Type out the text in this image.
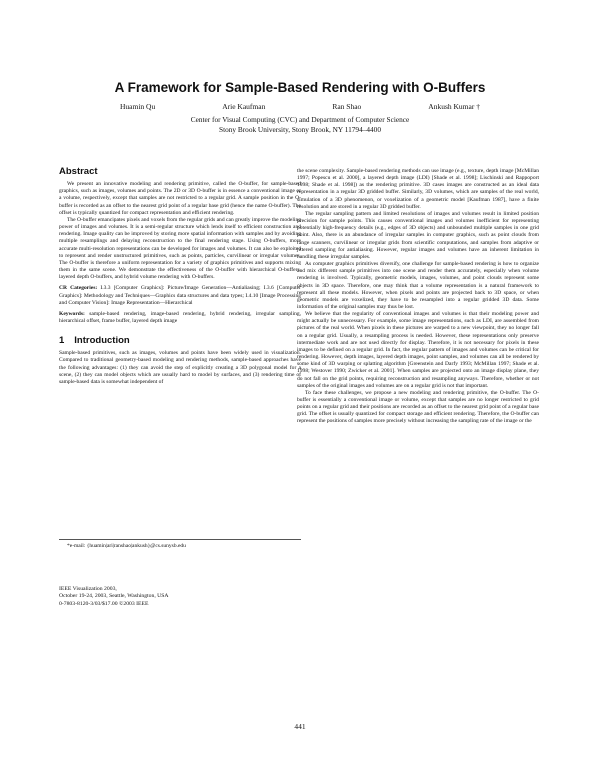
A Framework for Sample-Based Rendering with O-Buffers
Huamin Qu	Arie Kaufman	Ran Shao	Ankush Kumar †
Center for Visual Computing (CVC) and Department of Computer Science
Stony Brook University, Stony Brook, NY 11794–4400
Abstract

We present an innovative modeling and rendering primitive, called the O-buffer, for sample-based graphics, such as images, volumes and points. The 2D or 3D O-buffer is in essence a conventional image or a volume, respectively, except that samples are not restricted to a regular grid. A sample position in the O-buffer is recorded as an offset to the nearest grid point of a regular base grid (hence the name O-buffer). The offset is typically quantized for compact representation and efficient rendering.

The O-buffer emancipates pixels and voxels from the regular grids and can greatly improve the modeling power of images and volumes. It is a semi-regular structure which lends itself to efficient construction and rendering. Image quality can be improved by storing more spatial information with samples and by avoiding multiple resamplings and delaying reconstruction to the final rendering stage. Using O-buffers, more accurate multi-resolution representations can be developed for images and volumes. It can also be exploited to represent and render unstructured primitives, such as points, particles, curvilinear or irregular volumes. The O-buffer is therefore a uniform representation for a variety of graphics primitives and supports mixing them in the same scene. We demonstrate the effectiveness of the O-buffer with hierarchical O-buffers, layered depth O-buffers, and hybrid volume rendering with O-buffers.

CR Categories: I.3.3 [Computer Graphics]: Picture/Image Generation—Antialiasing; I.3.6 [Computer Graphics]: Methodology and Techniques—Graphics data structures and data types; I.4.10 [Image Processing and Computer Vision]: Image Representation—Hierarchical

Keywords: sample-based rendering, image-based rendering, hybrid rendering, irregular sampling, hierarchical offset, frame buffer, layered depth image

1 Introduction

Sample-based primitives, such as images, volumes and points have been widely used in visualization. Compared to traditional geometry-based modeling and rendering methods, sample-based approaches have the following advantages: (1) they can avoid the step of explicitly creating a 3D polygonal model for a scene, (2) they can model objects which are usually hard to model by surfaces, and (3) rendering time of sample-based data is somewhat independent of

*e-mail: {huamin|ari|ranshao|ankush}@cs.sunysb.edu
IEEE Visualization 2003,
October 19-24, 2003, Seattle, Washington, USA
0-7803-8120-3/03/$17.00 ©2003 IEEE

the scene complexity. Sample-based rendering methods can use image (e.g., texture, depth image [McMillan 1997; Popescu et al. 2000], a layered depth image (LDI) [Shade et al. 1998]; Lischinski and Rappoport 1998; Shade et al. 1998]) as the rendering primitive. 3D cases images are constructed as an ideal data representation in a regular 3D gridded buffer. Similarly, 3D volumes, which are samples of the real world, simulation of a 3D phenomenon, or voxelization of a geometric model [Kaufman 1987], have a finite resolution and are stored in a regular 3D gridded buffer.

The regular sampling pattern and limited resolutions of images and volumes result in limited position precision for sample points. This causes conventional images and volumes inefficient for representing potentially high-frequency details (e.g., edges of 3D objects) and unbounded multiple samples in one grid point. Also, there is an abundance of irregular samples in computer graphics, such as point clouds from range scanners, curvilinear or irregular grids from scientific computations, and samples from adaptive or jittered sampling for antialiasing. However, regular images and volumes have an inherent limitation in handling these irregular samples.

As computer graphics primitives diversify, one challenge for sample-based rendering is how to organize and mix different sample primitives into one scene and render them accurately, especially when volume rendering is involved. Typically, geometric models, images, volumes, and point clouds represent some objects in 3D space. Therefore, one may think that a volume representation is a natural framework to represent all these models. However, when pixels and points are projected back to 3D space, or when geometric models are voxelized, they have to be resampled into a regular gridded 3D data. Some information of the original samples may thus be lost.

We believe that the regularity of conventional images and volumes is that their modeling power and might actually be unnecessary. For example, some image representations, such as LDI, are assembled from pictures of the real world. When pixels in these pictures are warped to a new viewpoint, they no longer fall on a regular grid. Usually, a resampling process is needed. However, these representations only preserve intermediate work and are not used directly for display. Therefore, it is not necessary for pixels in these images to be defined on a regular grid. In fact, the regular pattern of images and volumes can be critical for rendering. However, depth images, layered depth images, point samples, and volumes can all be rendered by some kind of 3D warping or splatting algorithm [Greenstein and Darfy 1993; McMillan 1997; Shade et al. 1998; Westover 1990; Zwicker et al. 2001]. When samples are projected onto an image display plane, they do not fall on the grid points, requiring reconstruction and resampling anyways. Therefore, whether or not samples of the original images and volumes are on a regular grid is not that important.

To face these challenges, we propose a new modeling and rendering primitive, the O-buffer. The O-buffer is essentially a conventional image or volume, except that samples are no longer restricted to grid points on a regular grid and their positions are recorded as an offset to the nearest grid point of a regular base grid. The offset is usually quantized for compact storage and efficient rendering. Therefore, the O-buffer can represent the positions of samples more precisely without increasing the sampling rate of the image or the

441
